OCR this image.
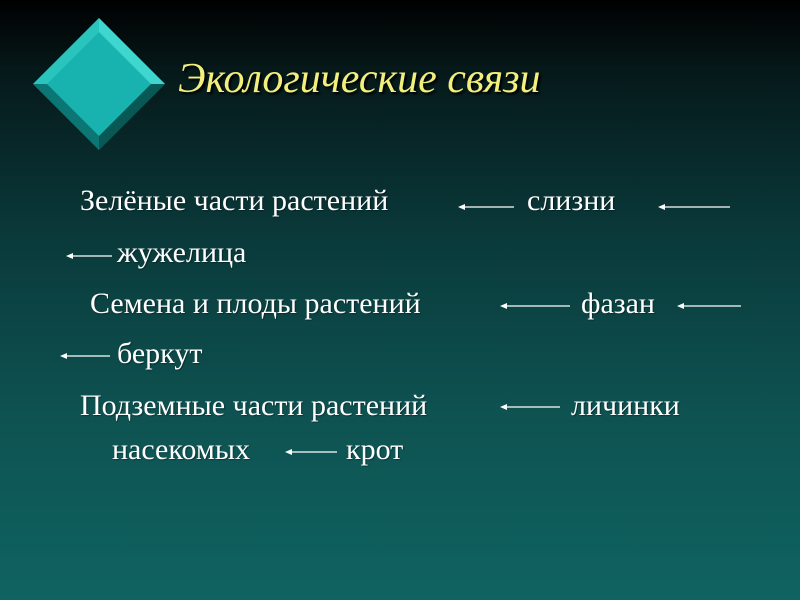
Экологические связи
Зелёные части растений	слизни
жужелица
Семена и плоды растений	фазан
беркут
Подземные части растений	личинки
насекомых	крот
